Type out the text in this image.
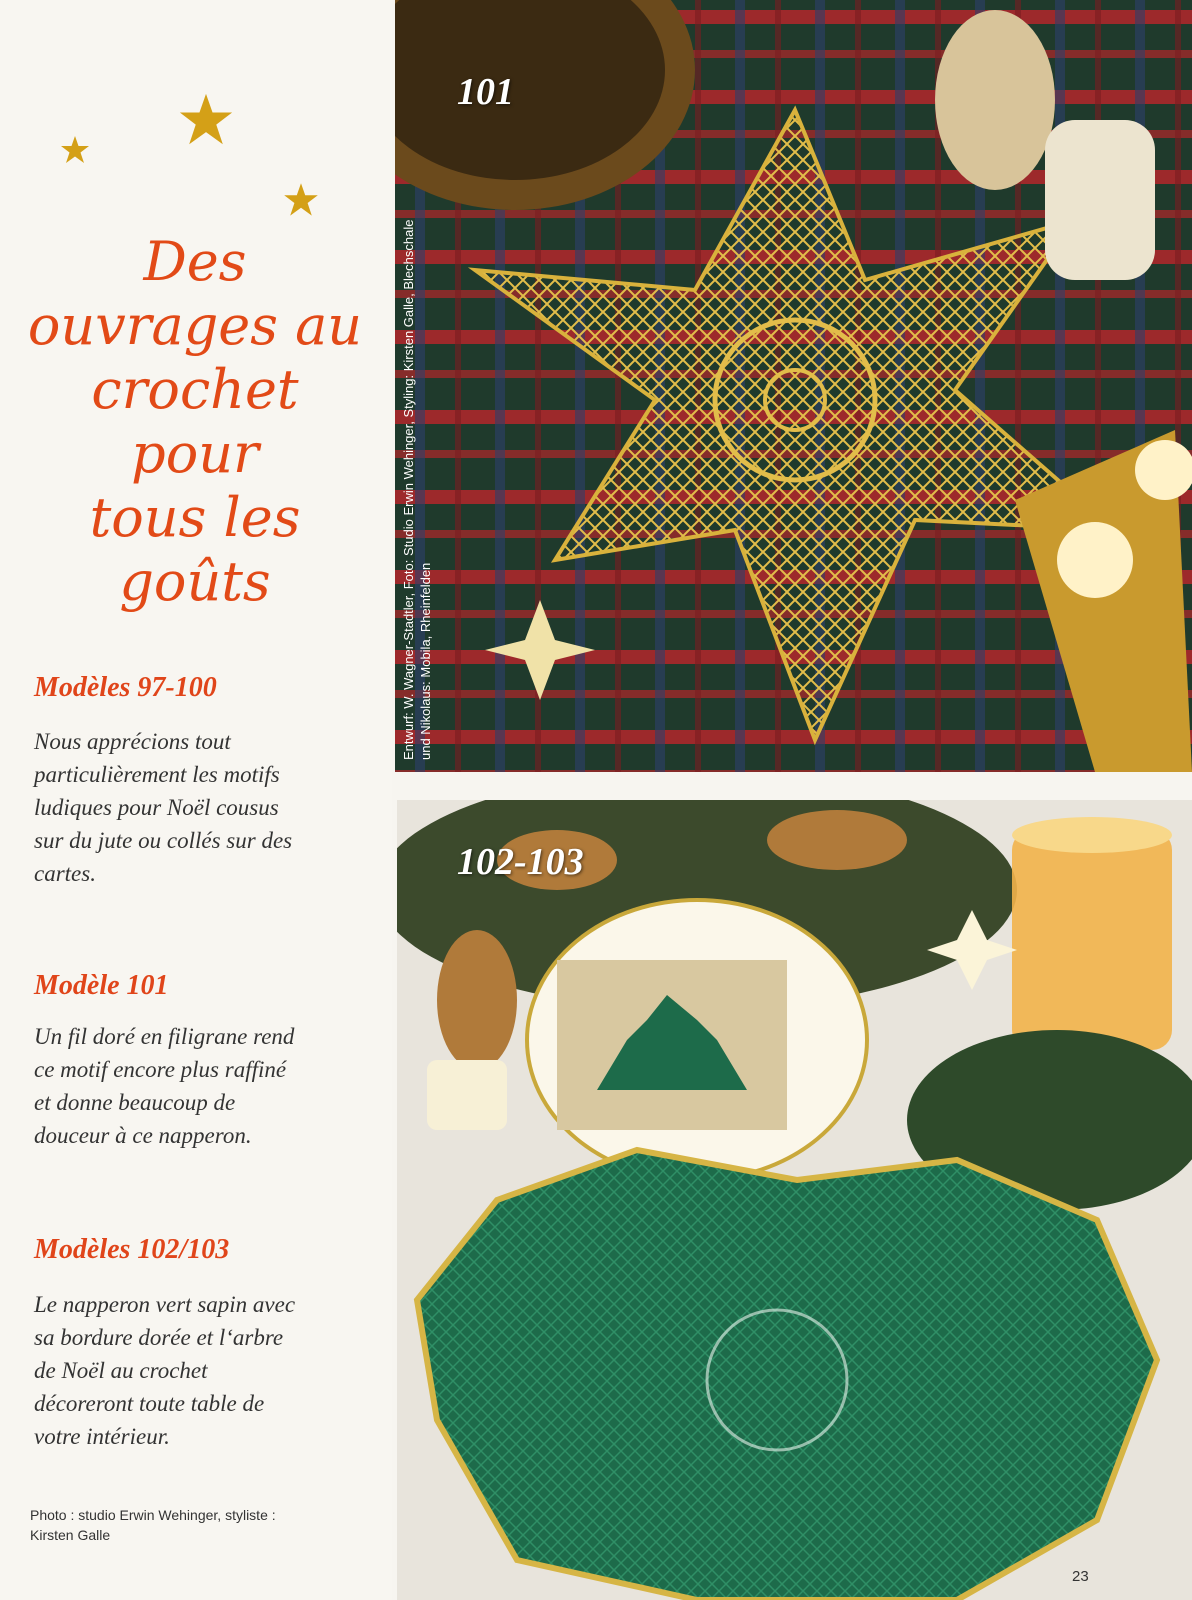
Des
ouvrages au
crochet pour
tous les
goûts
Modèles 97-100

Nous apprécions tout
particulièrement les motifs
ludiques pour Noël cousus
sur du jute ou collés sur des
cartes.

Modèle 101

Un fil doré en filigrane rend
ce motif encore plus raffiné
et donne beaucoup de
douceur à ce napperon.

Modèles 102/103

Le napperon vert sapin avec
sa bordure dorée et l‘arbre
de Noël au crochet
décoreront toute table de
votre intérieur.

Photo : studio Erwin Wehinger, styliste :
Kirsten Galle

101
Entwurf: W. Wagner-Stadtler, Foto: Studio Erwin Wehinger, Styling: Kirsten Galle, Blechschale und Nikolaus: Mobila, Rheinfelden
102-103
23
